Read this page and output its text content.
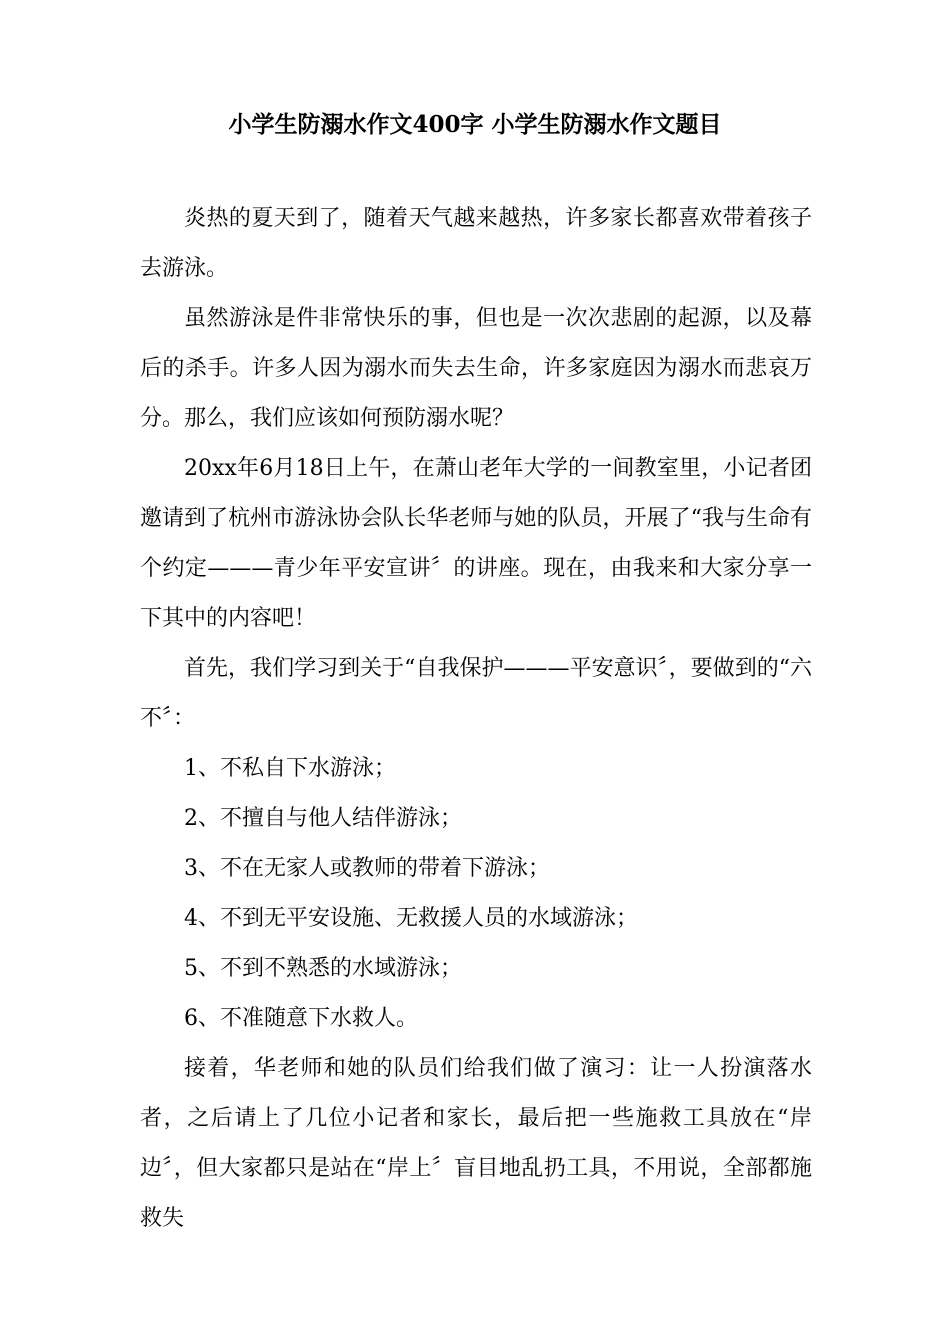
小学生防溺水作文400字 小学生防溺水作文题目

炎热的夏天到了，随着天气越来越热，许多家长都喜欢带着孩子去游泳。

虽然游泳是件非常快乐的事，但也是一次次悲剧的起源，以及幕后的杀手。许多人因为溺水而失去生命，许多家庭因为溺水而悲哀万分。那么，我们应该如何预防溺水呢？

20xx年6月18日上午，在萧山老年大学的一间教室里，小记者团邀请到了杭州市游泳协会队长华老师与她的队员，开展了“我与生命有个约定———青少年平安宣讲〞的讲座。现在，由我来和大家分享一下其中的内容吧！

首先，我们学习到关于“自我保护———平安意识〞，要做到的“六不〞：

1、不私自下水游泳；

2、不擅自与他人结伴游泳；

3、不在无家人或教师的带着下游泳；

4、不到无平安设施、无救援人员的水域游泳；

5、不到不熟悉的水域游泳；

6、不准随意下水救人。

接着，华老师和她的队员们给我们做了演习：让一人扮演落水者，之后请上了几位小记者和家长，最后把一些施救工具放在“岸边〞，但大家都只是站在“岸上〞盲目地乱扔工具，不用说，全部都施救失
